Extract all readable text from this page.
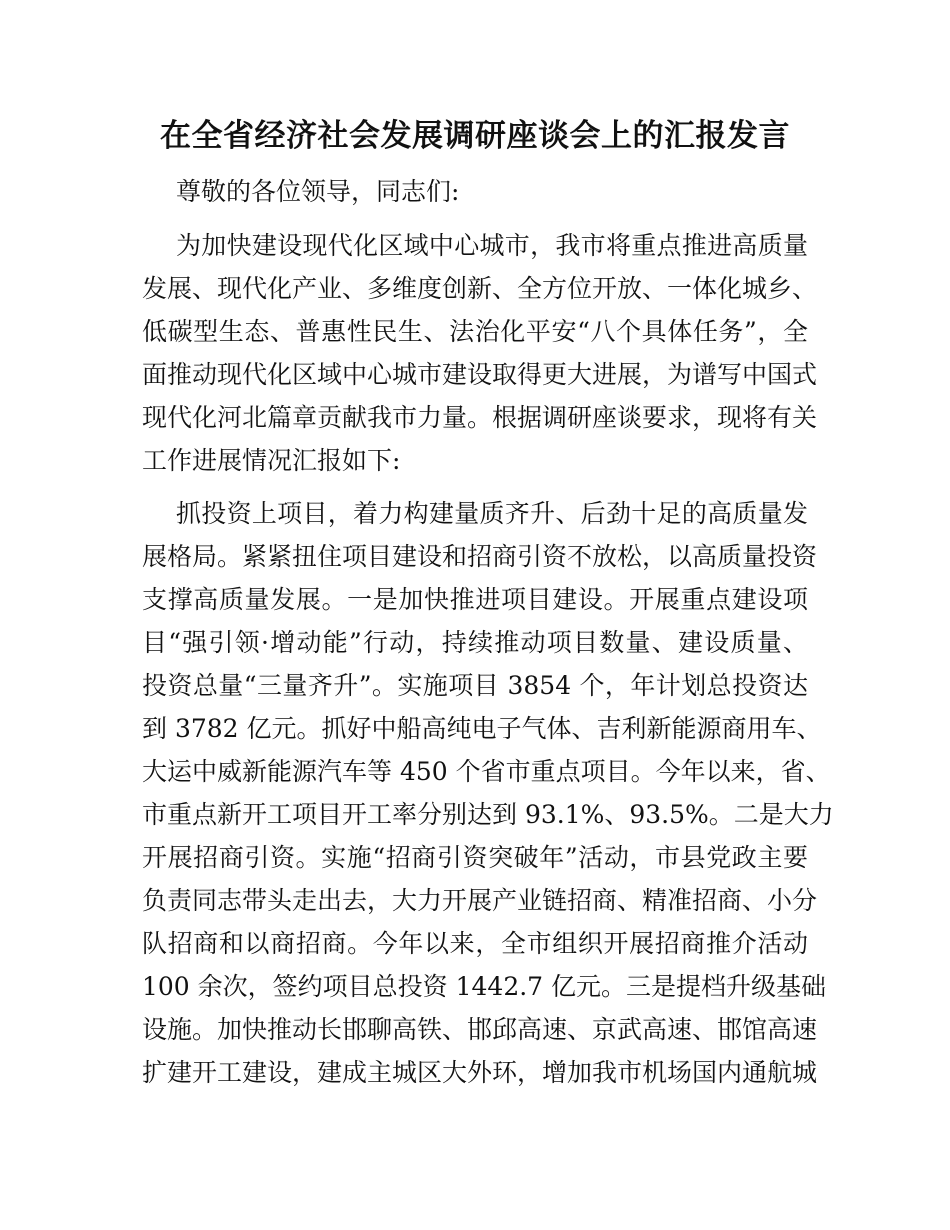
在全省经济社会发展调研座谈会上的汇报发言
尊敬的各位领导，同志们:
为加快建设现代化区域中心城市，我市将重点推进高质量
发展、现代化产业、多维度创新、全方位开放、一体化城乡、
低碳型生态、普惠性民生、法治化平安“八个具体任务”，全
面推动现代化区域中心城市建设取得更大进展，为谱写中国式
现代化河北篇章贡献我市力量。根据调研座谈要求，现将有关
工作进展情况汇报如下:
抓投资上项目，着力构建量质齐升、后劲十足的高质量发
展格局。紧紧扭住项目建设和招商引资不放松，以高质量投资
支撑高质量发展。一是加快推进项目建设。开展重点建设项
目“强引领·增动能”行动，持续推动项目数量、建设质量、
投资总量“三量齐升”。实施项目 3854 个，年计划总投资达
到 3782 亿元。抓好中船高纯电子气体、吉利新能源商用车、
大运中威新能源汽车等 450 个省市重点项目。今年以来，省、
市重点新开工项目开工率分别达到 93.1%、93.5%。二是大力
开展招商引资。实施“招商引资突破年”活动，市县党政主要
负责同志带头走出去，大力开展产业链招商、精准招商、小分
队招商和以商招商。今年以来，全市组织开展招商推介活动
100 余次，签约项目总投资 1442.7 亿元。三是提档升级基础
设施。加快推动长邯聊高铁、邯邱高速、京武高速、邯馆高速
扩建开工建设，建成主城区大外环，增加我市机场国内通航城
